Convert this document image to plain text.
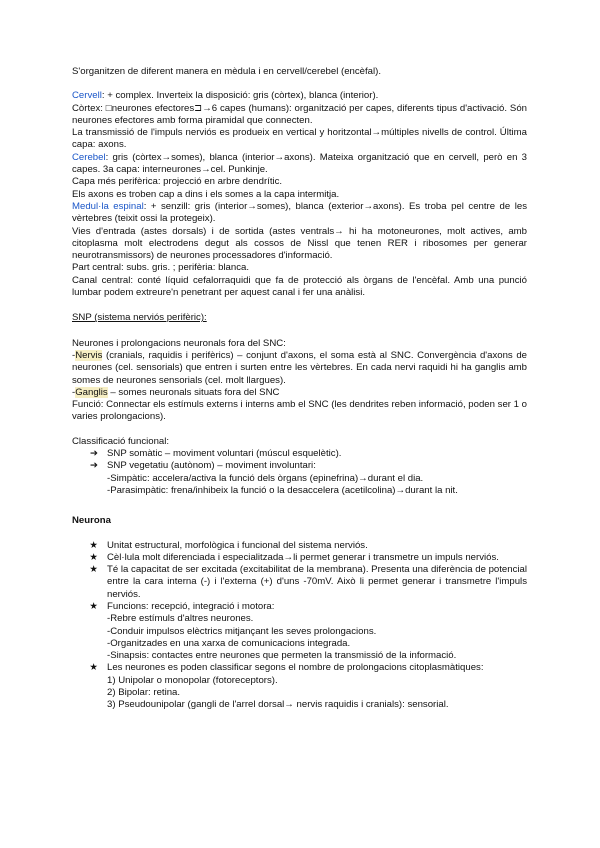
S'organitzen de diferent manera en mèdula i en cervell/cerebel (encèfal).

Cervell: + complex. Inverteix la disposició: gris (còrtex), blanca (interior).

Còrtex: □neurones efectores⊐→6 capes (humans): organització per capes, diferents tipus d'activació. Són neurones efectores amb forma piramidal que connecten.

La transmissió de l'impuls nerviós es produeix en vertical y horitzontal→múltiples nivells de control. Última capa: axons.

Cerebel: gris (còrtex→somes), blanca (interior→axons). Mateixa organització que en cervell, però en 3 capes. 3a capa: interneurones→cel. Punkinje.

Capa més perifèrica: projecció en arbre dendrític.

Els axons es troben cap a dins i els somes a la capa intermitja.

Medul·la espinal: + senzill: gris (interior→somes), blanca (exterior→axons). Es troba pel centre de les vèrtebres (teixit ossi la protegeix).

Vies d'entrada (astes dorsals) i de sortida (astes ventrals→ hi ha motoneurones, molt actives, amb citoplasma molt electrodens degut als cossos de Nissl que tenen RER i ribosomes per generar neurotransmissors) de neurones processadores d'informació.

Part central: subs. gris. ; perifèria: blanca.

Canal central: conté líquid cefalorraquidi que fa de protecció als òrgans de l'encèfal. Amb una punció lumbar podem extreure'n penetrant per aquest canal i fer una anàlisi.

SNP (sistema nerviós perifèric):

Neurones i prolongacions neuronals fora del SNC:

-Nervis (cranials, raquidis i perifèrics) – conjunt d'axons, el soma està al SNC. Convergència d'axons de neurones (cel. sensorials) que entren i surten entre les vèrtebres. En cada nervi raquidi hi ha ganglis amb somes de neurones sensorials (cel. molt llargues).

-Ganglis – somes neuronals situats fora del SNC

Funció: Connectar els estímuls externs i interns amb el SNC (les dendrites reben informació, poden ser 1 o varies prolongacions).

Classificació funcional:

➔ SNP somàtic – moviment voluntari (múscul esquelètic).
➔ SNP vegetatiu (autònom) – moviment involuntari:

-Simpàtic: accelera/activa la funció dels òrgans (epinefrina)→durant el dia.

-Parasimpàtic: frena/inhibeix la funció o la desaccelera (acetilcolina)→durant la nit.

Neurona

★ Unitat estructural, morfològica i funcional del sistema nerviós.
★ Cèl·lula molt diferenciada i especialitzada→li permet generar i transmetre un impuls nerviós.
★ Té la capacitat de ser excitada (excitabilitat de la membrana). Presenta una diferència de potencial entre la cara interna (-) i l'externa (+) d'uns -70mV. Això li permet generar i transmetre l'impuls nerviós.
★ Funcions: recepció, integració i motora:
-Rebre estímuls d'altres neurones.
-Conduir impulsos elèctrics mitjançant les seves prolongacions.
-Organitzades en una xarxa de comunicacions integrada.
-Sinapsis: contactes entre neurones que permeten la transmissió de la informació.
★ Les neurones es poden classificar segons el nombre de prolongacions citoplasmàtiques:
1) Unipolar o monopolar (fotoreceptors).
2) Bipolar: retina.
3) Pseudounipolar (gangli de l'arrel dorsal→ nervis raquidis i cranials): sensorial.
